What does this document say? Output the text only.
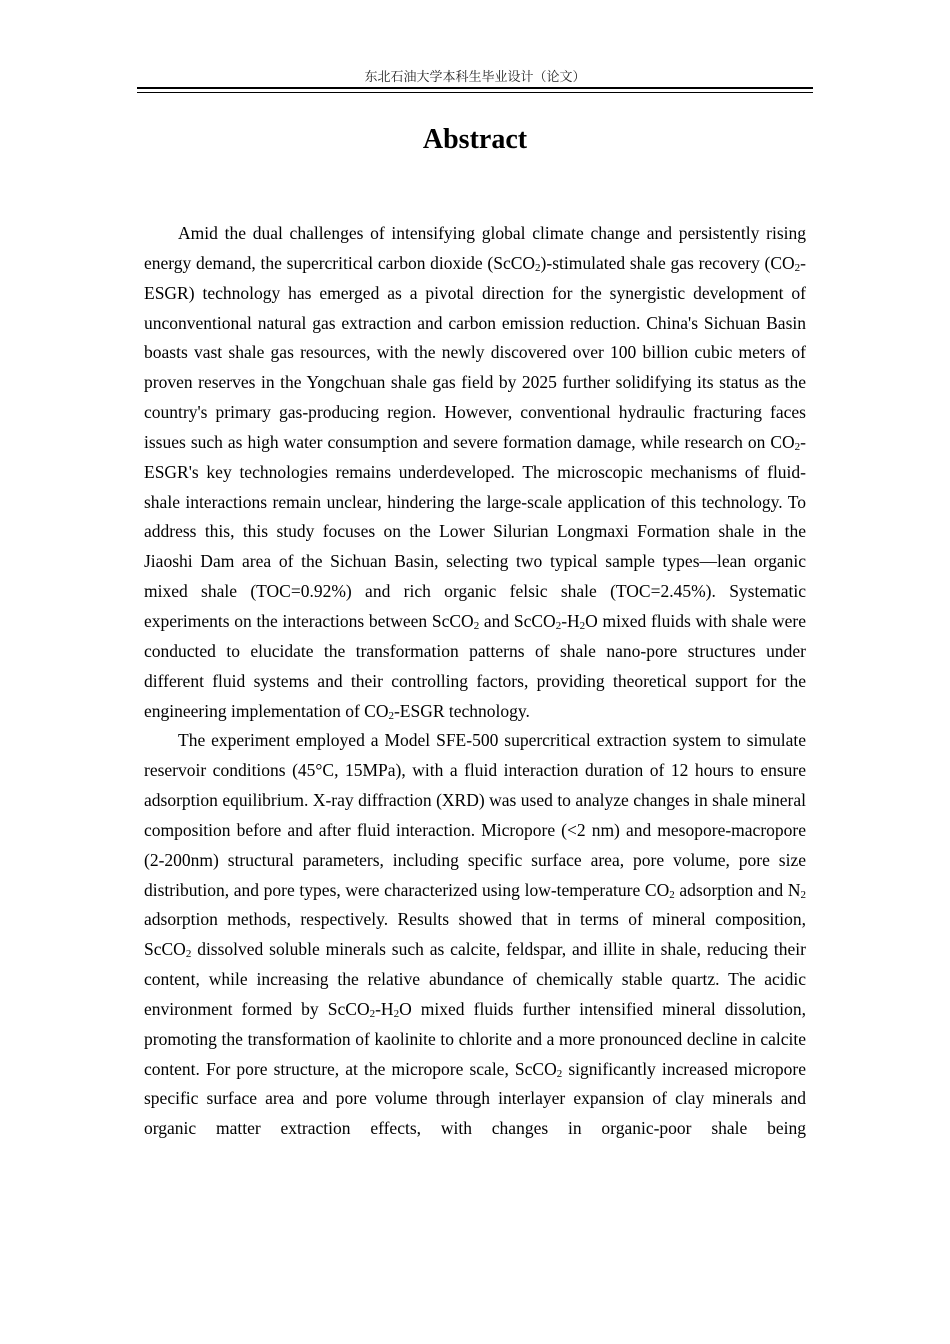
东北石油大学本科生毕业设计（论文）
Abstract

Amid the dual challenges of intensifying global climate change and persistently rising energy demand, the supercritical carbon dioxide (ScCO$_2$)-stimulated shale gas recovery $(CO_2-ESGR)$ technology has emerged as a pivotal direction for the synergistic development of unconventional natural gas extraction and carbon emission reduction. China's Sichuan Basin boasts vast shale gas resources, with the newly discovered over 100 billion cubic meters of proven reserves in the Yongchuan shale gas field by 2025 further solidifying its status as the country's primary gas-producing region. However, conventional hydraulic fracturing faces issues such as high water consumption and severe formation damage, while research on $CO_2-ESGR's$ key technologies remains underdeveloped. The microscopic mechanisms of fluid-shale interactions remain unclear, hindering the large-scale application of this technology. To address this, this study focuses on the Lower Silurian Longmaxi Formation shale in the Jiaoshi Dam area of the Sichuan Basin, selecting two typical sample types—lean organic mixed shale (TOC=0.92%) and rich organic felsic shale (TOC=2.45%). Systematic experiments on the interactions between ScCO$_2$ and $ScCO_2-H_2O$ mixed fluids with shale were conducted to elucidate the transformation patterns of shale nano-pore structures under different fluid systems and their controlling factors, providing theoretical support for the engineering implementation of $CO_2$-ESGR technology.

The experiment employed a Model SFE-500 supercritical extraction system to simulate reservoir conditions (45°C, 15MPa), with a fluid interaction duration of 12 hours to ensure adsorption equilibrium. X-ray diffraction (XRD) was used to analyze changes in shale mineral composition before and after fluid interaction. Micropore (<2 nm) and mesopore-macropore (2-200nm) structural parameters, including specific surface area, pore volume, pore size distribution, and pore types, were characterized using low-temperature $CO_2$ adsorption and $N_2$ adsorption methods, respectively. Results showed that in terms of mineral composition, ScCO$_2$ dissolved soluble minerals such as calcite, feldspar, and illite in shale, reducing their content, while increasing the relative abundance of chemically stable quartz. The acidic environment formed by $ScCO_2-H_2O$ mixed fluids further intensified mineral dissolution, promoting the transformation of kaolinite to chlorite and a more pronounced decline in calcite content. For pore structure, at the micropore scale, ScCO$_2$ significantly increased micropore specific surface area and pore volume through interlayer expansion of clay minerals and organic matter extraction effects, with changes in organic-poor shale being
